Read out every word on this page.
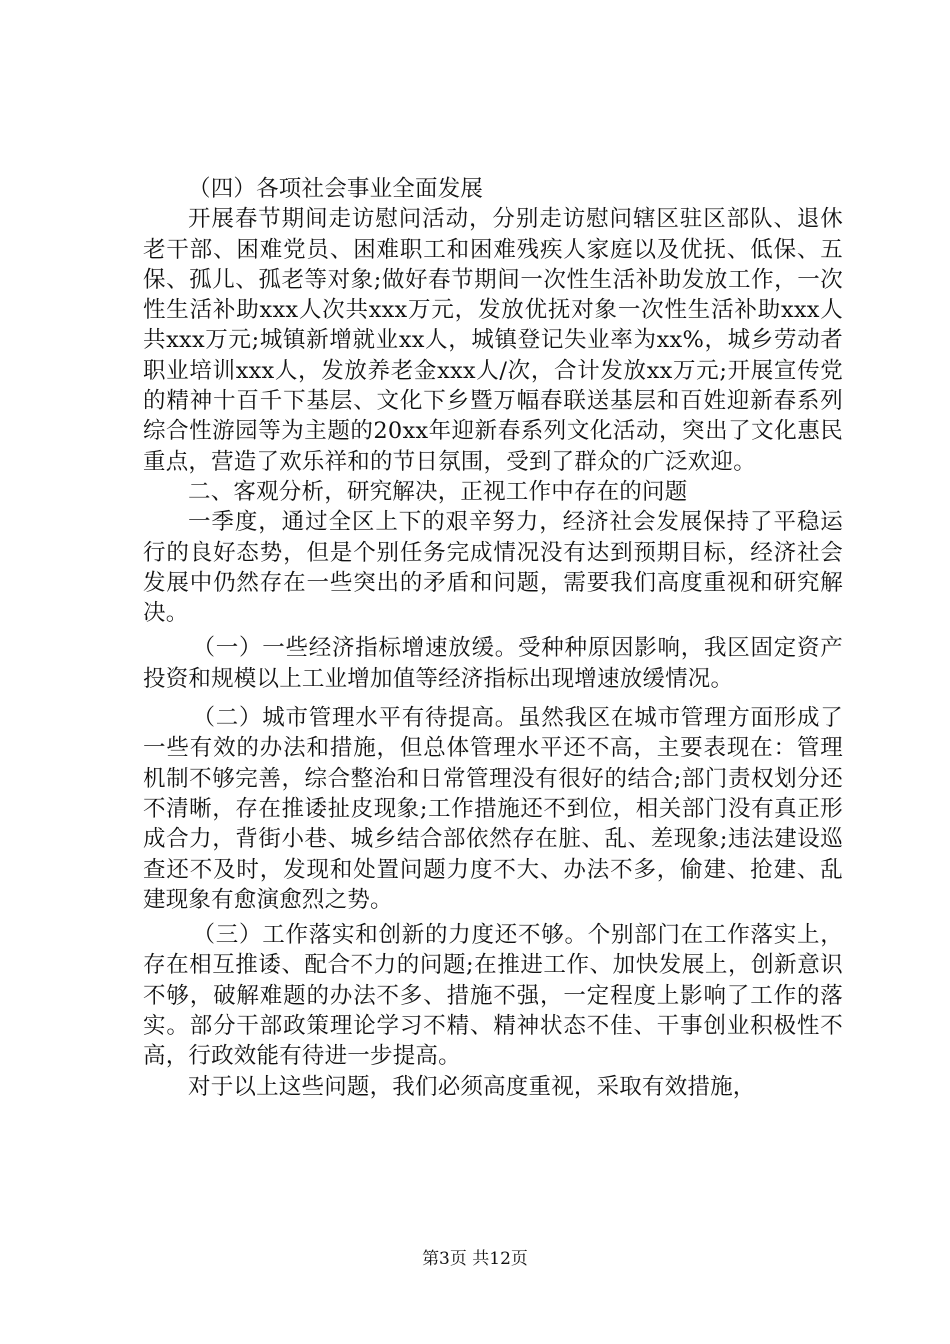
（四）各项社会事业全面发展

开展春节期间走访慰问活动，分别走访慰问辖区驻区部队、退休老干部、困难党员、困难职工和困难残疾人家庭以及优抚、低保、五保、孤儿、孤老等对象;做好春节期间一次性生活补助发放工作，一次性生活补助xxx人次共xxx万元，发放优抚对象一次性生活补助xxx人共xxx万元;城镇新增就业xx人，城镇登记失业率为xx%，城乡劳动者职业培训xxx人，发放养老金xxx人/次，合计发放xx万元;开展宣传党的精神十百千下基层、文化下乡暨万幅春联送基层和百姓迎新春系列综合性游园等为主题的20xx年迎新春系列文化活动，突出了文化惠民重点，营造了欢乐祥和的节日氛围，受到了群众的广泛欢迎。

二、客观分析，研究解决，正视工作中存在的问题

一季度，通过全区上下的艰辛努力，经济社会发展保持了平稳运行的良好态势，但是个别任务完成情况没有达到预期目标，经济社会发展中仍然存在一些突出的矛盾和问题，需要我们高度重视和研究解决。

（一）一些经济指标增速放缓。受种种原因影响，我区固定资产投资和规模以上工业增加值等经济指标出现增速放缓情况。

（二）城市管理水平有待提高。虽然我区在城市管理方面形成了一些有效的办法和措施，但总体管理水平还不高，主要表现在：管理机制不够完善，综合整治和日常管理没有很好的结合;部门责权划分还不清晰，存在推诿扯皮现象;工作措施还不到位，相关部门没有真正形成合力，背街小巷、城乡结合部依然存在脏、乱、差现象;违法建设巡查还不及时，发现和处置问题力度不大、办法不多，偷建、抢建、乱建现象有愈演愈烈之势。

（三）工作落实和创新的力度还不够。个别部门在工作落实上，存在相互推诿、配合不力的问题;在推进工作、加快发展上，创新意识不够，破解难题的办法不多、措施不强，一定程度上影响了工作的落实。部分干部政策理论学习不精、精神状态不佳、干事创业积极性不高，行政效能有待进一步提高。

对于以上这些问题，我们必须高度重视，采取有效措施，

第3页 共12页
